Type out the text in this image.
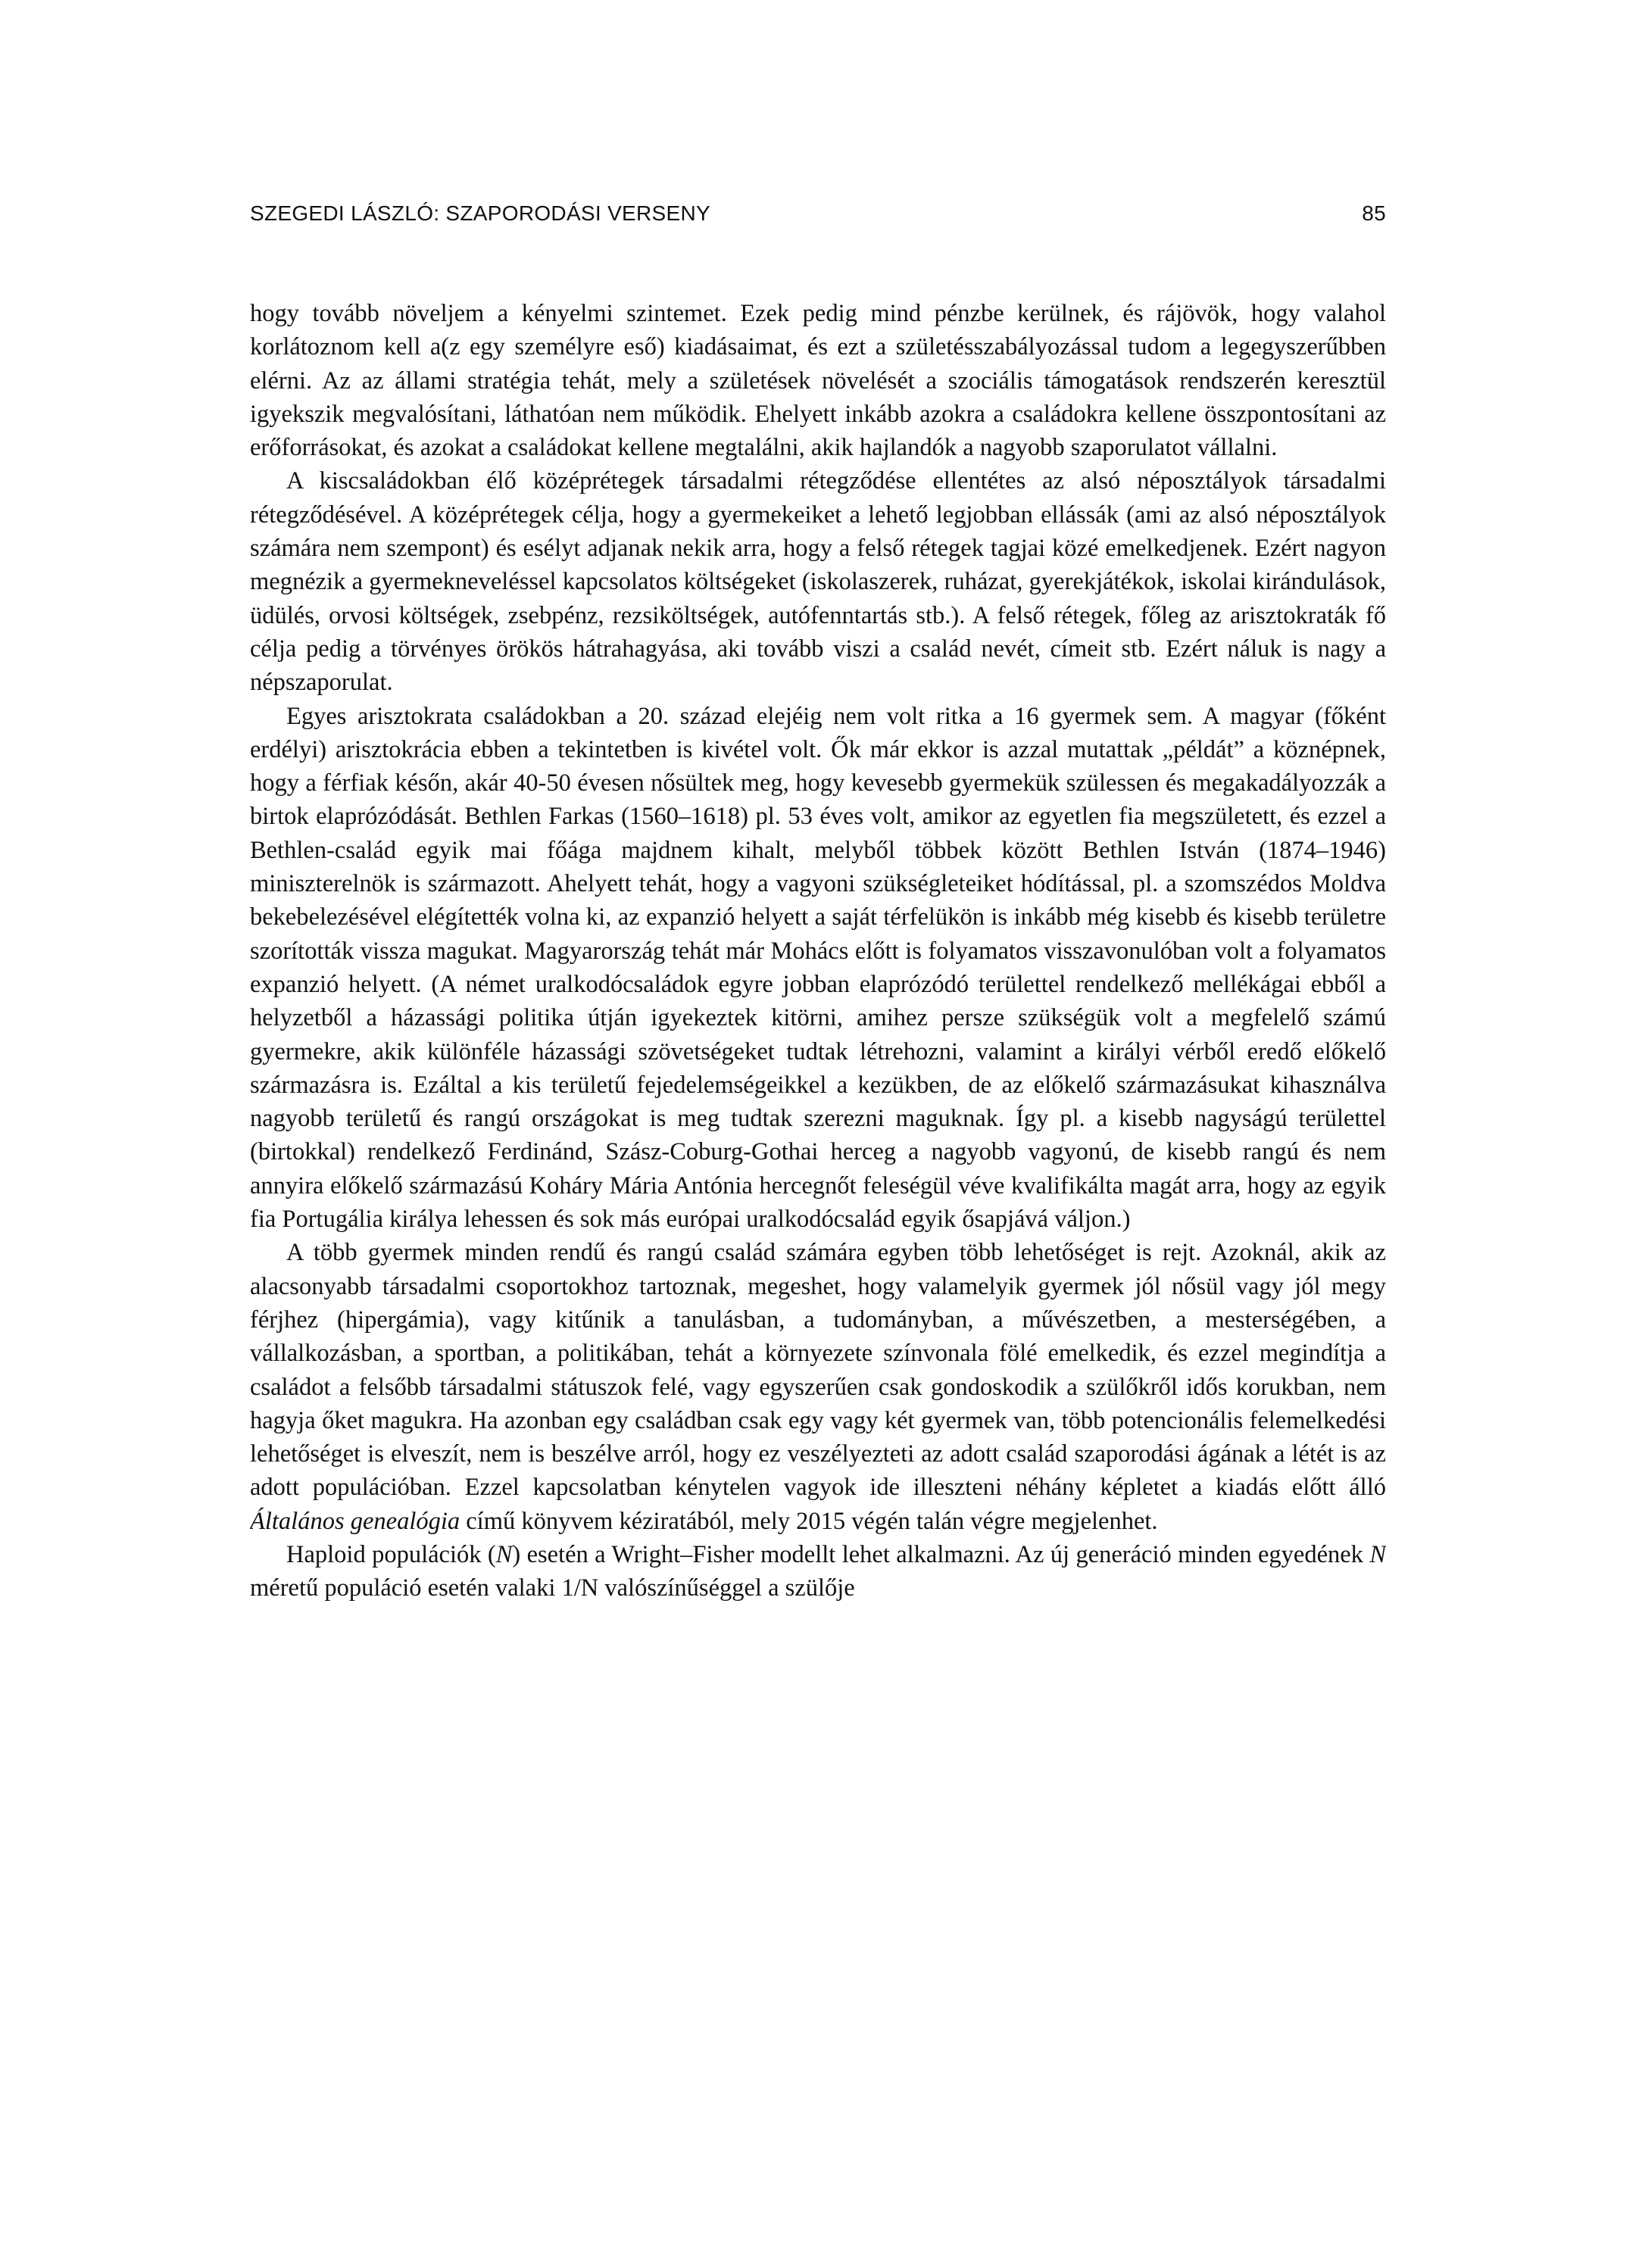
SZEGEDI LÁSZLÓ: SZAPORODÁSI VERSENY	85

hogy tovább növeljem a kényelmi szintemet. Ezek pedig mind pénzbe kerülnek, és rájövök, hogy valahol korlátoznom kell a(z egy személyre eső) kiadásaimat, és ezt a születésszabályozással tudom a legegyszerűbben elérni. Az az állami stratégia tehát, mely a születések növelését a szociális támogatások rendszerén keresztül igyekszik megvalósítani, láthatóan nem működik. Ehelyett inkább azokra a családokra kellene összpontosítani az erőforrásokat, és azokat a családokat kellene megtalálni, akik hajlandók a nagyobb szaporulatot vállalni.

A kiscsaládokban élő középrétegek társadalmi rétegződése ellentétes az alsó néposztályok társadalmi rétegződésével. A középrétegek célja, hogy a gyermekeiket a lehető legjobban ellássák (ami az alsó néposztályok számára nem szempont) és esélyt adjanak nekik arra, hogy a felső rétegek tagjai közé emelkedjenek. Ezért nagyon megnézik a gyermekneveléssel kapcsolatos költségeket (iskolaszerek, ruházat, gyerekjátékok, iskolai kirándulások, üdülés, orvosi költségek, zsebpénz, rezsiköltségek, autófenntartás stb.). A felső rétegek, főleg az arisztokraták fő célja pedig a törvényes örökös hátrahagyása, aki tovább viszi a család nevét, címeit stb. Ezért náluk is nagy a népszaporulat.

Egyes arisztokrata családokban a 20. század elejéig nem volt ritka a 16 gyermek sem. A magyar (főként erdélyi) arisztokrácia ebben a tekintetben is kivétel volt. Ők már ekkor is azzal mutattak „példát” a köznépnek, hogy a férfiak későn, akár 40-50 évesen nősültek meg, hogy kevesebb gyermekük szülessen és megakadályozzák a birtok elaprózódását. Bethlen Farkas (1560–1618) pl. 53 éves volt, amikor az egyetlen fia megszületett, és ezzel a Bethlen-család egyik mai főága majdnem kihalt, melyből többek között Bethlen István (1874–1946) miniszterelnök is származott. Ahelyett tehát, hogy a vagyoni szükségleteiket hódítással, pl. a szomszédos Moldva bekebelezésével elégítették volna ki, az expanzió helyett a saját térfelükön is inkább még kisebb és kisebb területre szorították vissza magukat. Magyarország tehát már Mohács előtt is folyamatos visszavonulóban volt a folyamatos expanzió helyett. (A német uralkodócsaládok egyre jobban elaprózódó területtel rendelkező mellékágai ebből a helyzetből a házassági politika útján igyekeztek kitörni, amihez persze szükségük volt a megfelelő számú gyermekre, akik különféle házassági szövetségeket tudtak létrehozni, valamint a királyi vérből eredő előkelő származásra is. Ezáltal a kis területű fejedelemségeikkel a kezükben, de az előkelő származásukat kihasználva nagyobb területű és rangú országokat is meg tudtak szerezni maguknak. Így pl. a kisebb nagyságú területtel (birtokkal) rendelkező Ferdinánd, Szász-Coburg-Gothai herceg a nagyobb vagyonú, de kisebb rangú és nem annyira előkelő származású Koháry Mária Antónia hercegnőt feleségül véve kvalifikálta magát arra, hogy az egyik fia Portugália királya lehessen és sok más európai uralkodócsalád egyik ősapjává váljon.)

A több gyermek minden rendű és rangú család számára egyben több lehetőséget is rejt. Azoknál, akik az alacsonyabb társadalmi csoportokhoz tartoznak, megeshet, hogy valamelyik gyermek jól nősül vagy jól megy férjhez (hipergámia), vagy kitűnik a tanulásban, a tudományban, a művészetben, a mesterségében, a vállalkozásban, a sportban, a politikában, tehát a környezete színvonala fölé emelkedik, és ezzel megindítja a családot a felsőbb társadalmi státuszok felé, vagy egyszerűen csak gondoskodik a szülőkről idős korukban, nem hagyja őket magukra. Ha azonban egy családban csak egy vagy két gyermek van, több potencionális felemelkedési lehetőséget is elveszít, nem is beszélve arról, hogy ez veszélyezteti az adott család szaporodási ágának a létét is az adott populációban. Ezzel kapcsolatban kénytelen vagyok ide illeszteni néhány képletet a kiadás előtt álló Általános genealógia című könyvem kéziratából, mely 2015 végén talán végre megjelenhet.

Haploid populációk (N) esetén a Wright–Fisher modellt lehet alkalmazni. Az új generáció minden egyedének N méretű populáció esetén valaki 1/N valószínűséggel a szülője
